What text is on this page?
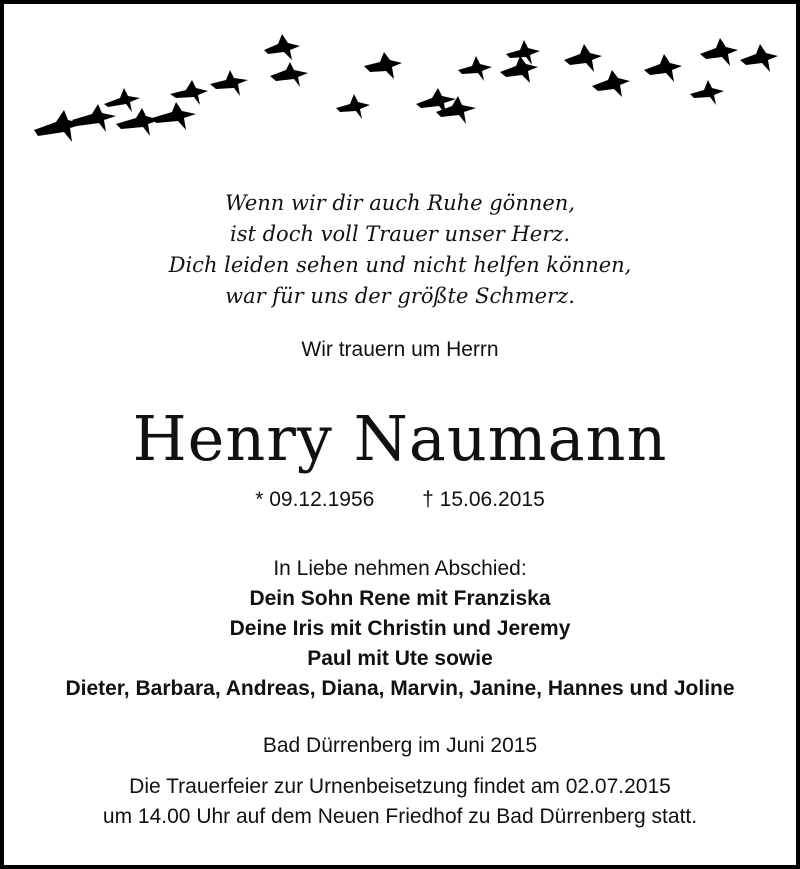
Wenn wir dir auch Ruhe gönnen,
ist doch voll Trauer unser Herz.
Dich leiden sehen und nicht helfen können,
war für uns der größte Schmerz.
Wir trauern um Herrn
Henry Naumann
* 09.12.1956 † 15.06.2015
In Liebe nehmen Abschied:
Dein Sohn Rene mit Franziska
Deine Iris mit Christin und Jeremy
Paul mit Ute sowie
Dieter, Barbara, Andreas, Diana, Marvin, Janine, Hannes und Joline
Bad Dürrenberg im Juni 2015
Die Trauerfeier zur Urnenbeisetzung findet am 02.07.2015
um 14.00 Uhr auf dem Neuen Friedhof zu Bad Dürrenberg statt.
